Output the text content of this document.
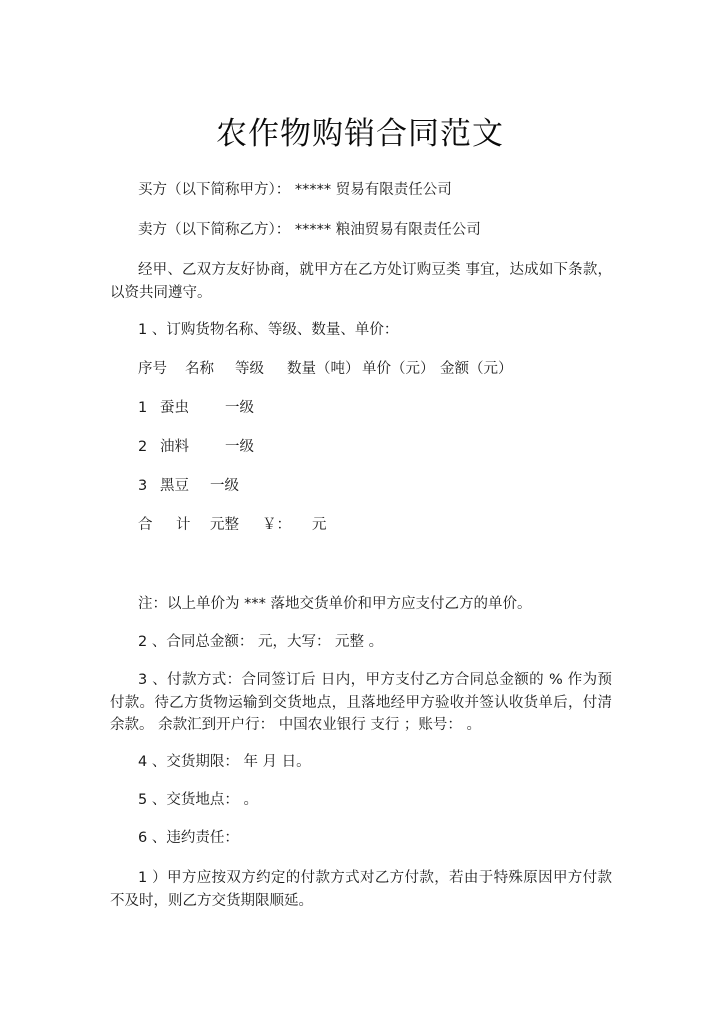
农作物购销合同范文
买方（以下简称甲方）： ***** 贸易有限责任公司
卖方（以下简称乙方）： ***** 粮油贸易有限责任公司
经甲、乙双方友好协商，就甲方在乙方处订购豆类 事宜，达成如下条款，以资共同遵守。
1 、订购货物名称、等级、数量、单价：
序号 名称 等级 数量（吨） 单价（元） 金额（元）
1 蚕虫 一级
2 油料 一级
3 黑豆 一级
合 计 元整 ￥： 元
注：以上单价为 *** 落地交货单价和甲方应支付乙方的单价。
2 、合同总金额： 元，大写： 元整 。
3 、付款方式：合同签订后 日内，甲方支付乙方合同总金额的 % 作为预 付款。待乙方货物运输到交货地点，且落地经甲方验收并签认收货单后，付清余款。 余款汇到开户行： 中国农业银行 支行 ；账号： 。
4 、交货期限： 年 月 日。
5 、交货地点： 。
6 、违约责任：
1 ）甲方应按双方约定的付款方式对乙方付款，若由于特殊原因甲方付款不及时，则乙方交货期限顺延。
